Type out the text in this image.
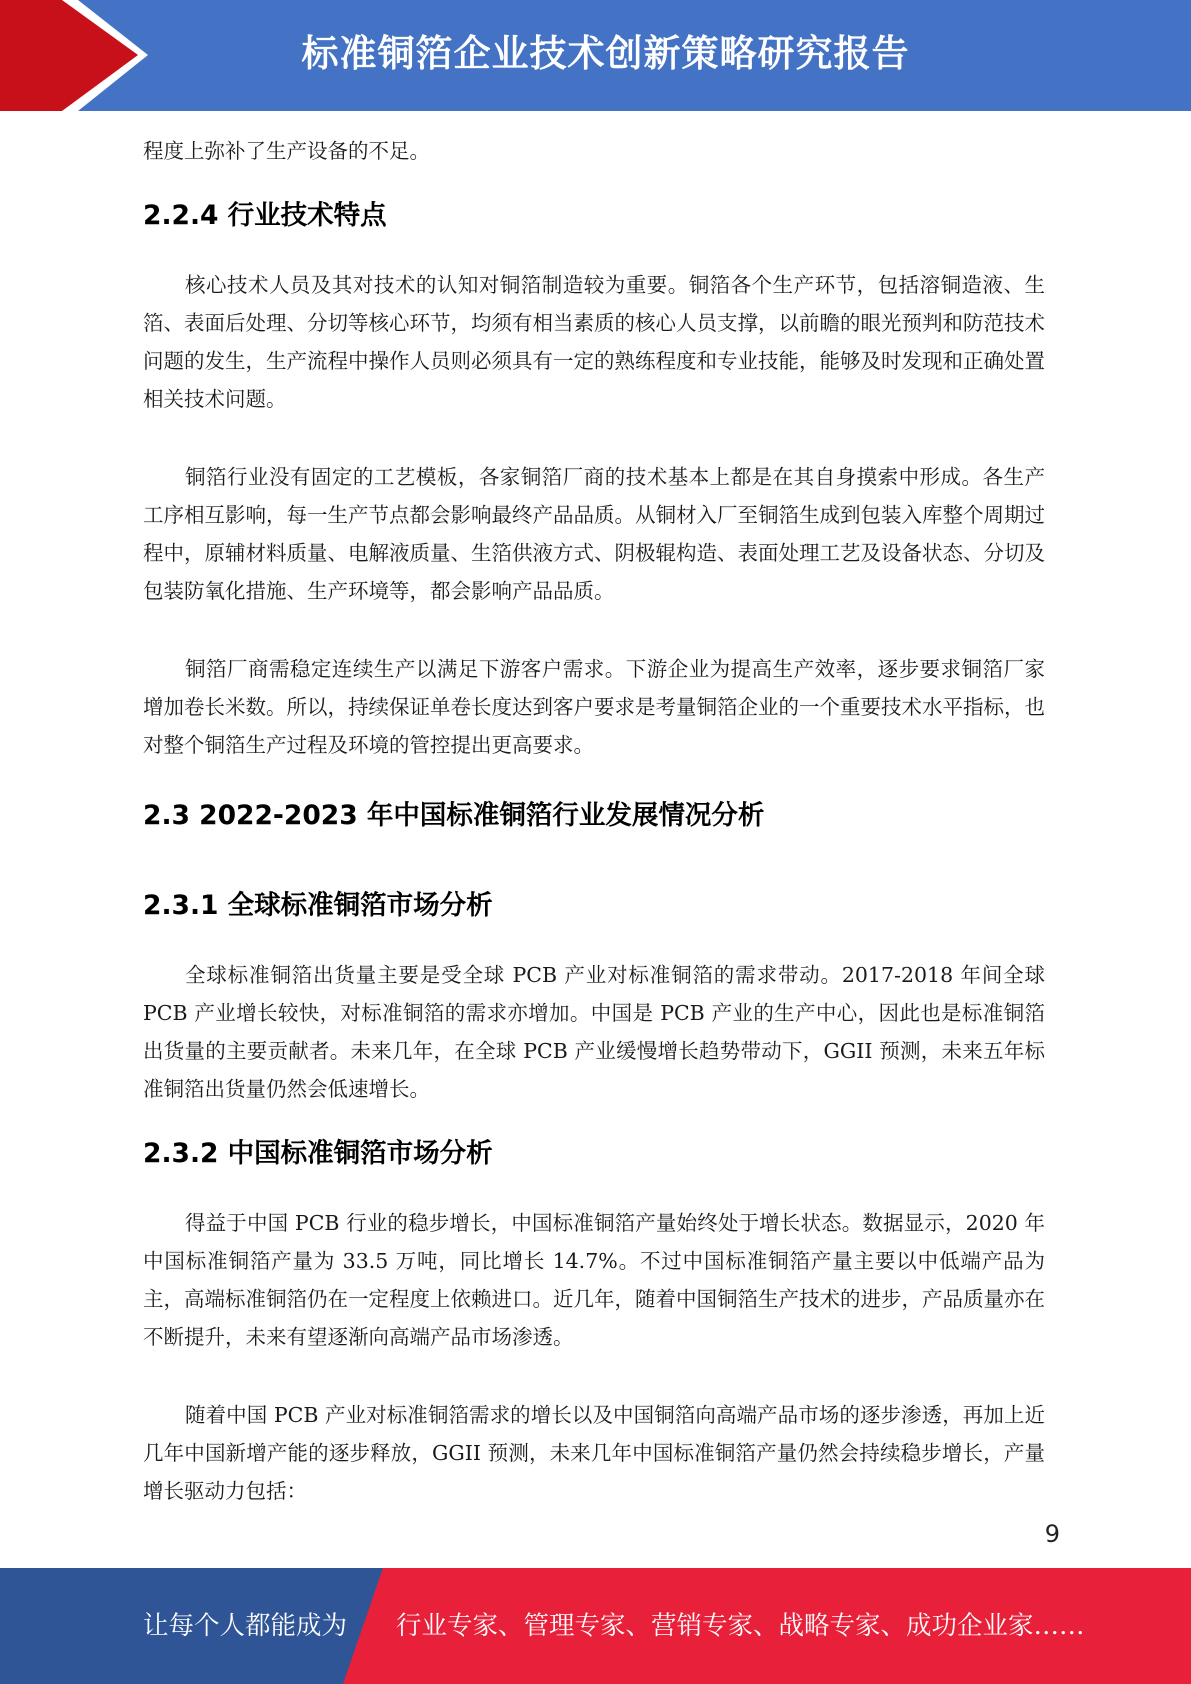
标准铜箔企业技术创新策略研究报告

程度上弥补了生产设备的不足。

2.2.4 行业技术特点

核心技术人员及其对技术的认知对铜箔制造较为重要。铜箔各个生产环节，包括溶铜造液、生箔、表面后处理、分切等核心环节，均须有相当素质的核心人员支撑，以前瞻的眼光预判和防范技术问题的发生，生产流程中操作人员则必须具有一定的熟练程度和专业技能，能够及时发现和正确处置相关技术问题。

铜箔行业没有固定的工艺模板，各家铜箔厂商的技术基本上都是在其自身摸索中形成。各生产工序相互影响，每一生产节点都会影响最终产品品质。从铜材入厂至铜箔生成到包装入库整个周期过程中，原辅材料质量、电解液质量、生箔供液方式、阴极辊构造、表面处理工艺及设备状态、分切及包装防氧化措施、生产环境等，都会影响产品品质。

铜箔厂商需稳定连续生产以满足下游客户需求。下游企业为提高生产效率，逐步要求铜箔厂家增加卷长米数。所以，持续保证单卷长度达到客户要求是考量铜箔企业的一个重要技术水平指标，也对整个铜箔生产过程及环境的管控提出更高要求。

2.3 2022-2023 年中国标准铜箔行业发展情况分析
2.3.1 全球标准铜箔市场分析

全球标准铜箔出货量主要是受全球 PCB 产业对标准铜箔的需求带动。2017-2018 年间全球 PCB 产业增长较快，对标准铜箔的需求亦增加。中国是 PCB 产业的生产中心，因此也是标准铜箔出货量的主要贡献者。未来几年，在全球 PCB 产业缓慢增长趋势带动下，GGII 预测，未来五年标准铜箔出货量仍然会低速增长。

2.3.2 中国标准铜箔市场分析

得益于中国 PCB 行业的稳步增长，中国标准铜箔产量始终处于增长状态。数据显示，2020 年中国标准铜箔产量为 33.5 万吨，同比增长 14.7%。不过中国标准铜箔产量主要以中低端产品为主，高端标准铜箔仍在一定程度上依赖进口。近几年，随着中国铜箔生产技术的进步，产品质量亦在不断提升，未来有望逐渐向高端产品市场渗透。

随着中国 PCB 产业对标准铜箔需求的增长以及中国铜箔向高端产品市场的逐步渗透，再加上近几年中国新增产能的逐步释放，GGII 预测，未来几年中国标准铜箔产量仍然会持续稳步增长，产量增长驱动力包括：

9
让每个人都能成为 行业专家、管理专家、营销专家、战略专家、成功企业家……
